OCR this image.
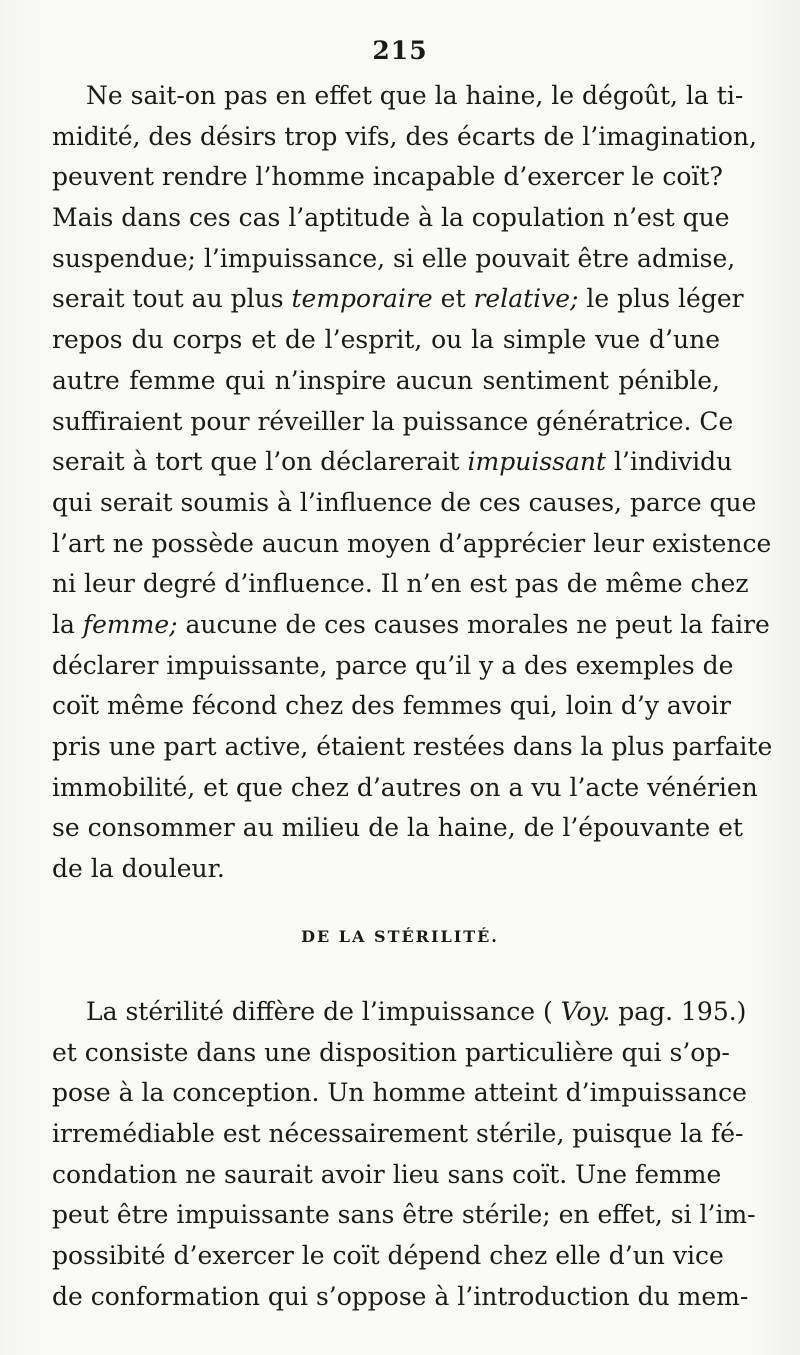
215
Ne sait-on pas en effet que la haine, le dégoût, la ti-
midité, des désirs trop vifs, des écarts de l’imagination,
peuvent rendre l’homme incapable d’exercer le coït?
Mais dans ces cas l’aptitude à la copulation n’est que
suspendue; l’impuissance, si elle pouvait être admise,
serait tout au plus temporaire et relative; le plus léger
repos du corps et de l’esprit, ou la simple vue d’une
autre femme qui n’inspire aucun sentiment pénible,
suffiraient pour réveiller la puissance génératrice. Ce
serait à tort que l’on déclarerait impuissant l’individu
qui serait soumis à l’influence de ces causes, parce que
l’art ne possède aucun moyen d’apprécier leur existence
ni leur degré d’influence. Il n’en est pas de même chez
la femme; aucune de ces causes morales ne peut la faire
déclarer impuissante, parce qu’il y a des exemples de
coït même fécond chez des femmes qui, loin d’y avoir
pris une part active, étaient restées dans la plus parfaite
immobilité, et que chez d’autres on a vu l’acte vénérien
se consommer au milieu de la haine, de l’épouvante et
de la douleur.
DE LA STÉRILITÉ.
La stérilité diffère de l’impuissance ( Voy. pag. 195.)
et consiste dans une disposition particulière qui s’op-
pose à la conception. Un homme atteint d’impuissance
irremédiable est nécessairement stérile, puisque la fé-
condation ne saurait avoir lieu sans coït. Une femme
peut être impuissante sans être stérile; en effet, si l’im-
possibité d’exercer le coït dépend chez elle d’un vice
de conformation qui s’oppose à l’introduction du mem-
